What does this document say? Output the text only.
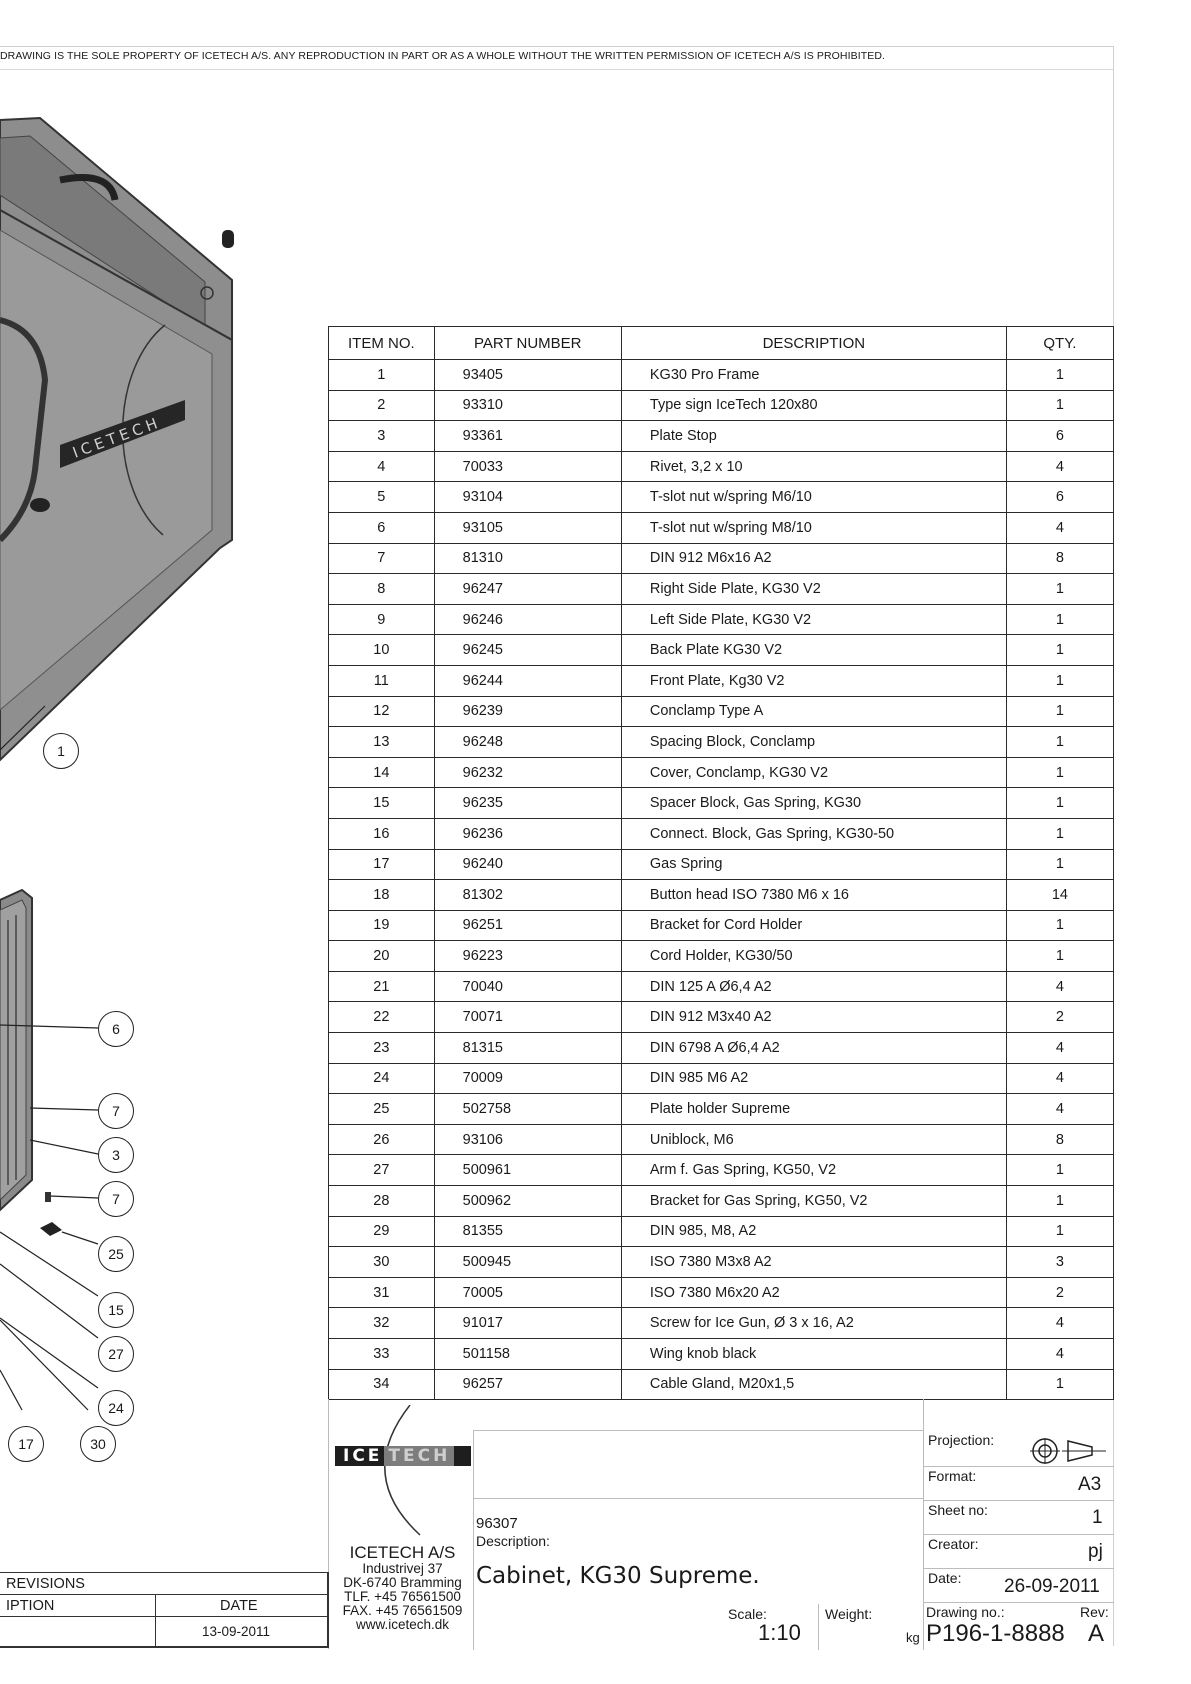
DRAWING IS THE SOLE PROPERTY OF ICETECH A/S. ANY REPRODUCTION IN PART OR AS A WHOLE WITHOUT THE WRITTEN PERMISSION OF ICETECH A/S IS PROHIBITED.
ICETECH
1
6
7
3
7
25
15
27
24
17	30
ITEM NO.	PART NUMBER	DESCRIPTION	QTY.
1	93405	KG30 Pro Frame	1
2	93310	Type sign IceTech 120x80	1
3	93361	Plate Stop	6
4	70033	Rivet, 3,2 x 10	4
5	93104	T-slot nut w/spring M6/10	6
6	93105	T-slot nut w/spring M8/10	4
7	81310	DIN 912 M6x16 A2	8
8	96247	Right Side Plate, KG30 V2	1
9	96246	Left Side Plate, KG30 V2	1
10	96245	Back Plate KG30 V2	1
11	96244	Front Plate, Kg30 V2	1
12	96239	Conclamp Type A	1
13	96248	Spacing Block, Conclamp	1
14	96232	Cover, Conclamp, KG30 V2	1
15	96235	Spacer Block, Gas Spring, KG30	1
16	96236	Connect. Block, Gas Spring, KG30-50	1
17	96240	Gas Spring	1
18	81302	Button head ISO 7380 M6 x 16	14
19	96251	Bracket for Cord Holder	1
20	96223	Cord Holder, KG30/50	1
21	70040	DIN 125 A Ø6,4 A2	4
22	70071	DIN 912 M3x40 A2	2
23	81315	DIN 6798 A Ø6,4 A2	4
24	70009	DIN 985 M6 A2	4
25	502758	Plate holder Supreme	4
26	93106	Uniblock, M6	8
27	500961	Arm f. Gas Spring, KG50, V2	1
28	500962	Bracket for Gas Spring, KG50, V2	1
29	81355	DIN 985, M8, A2	1
30	500945	ISO 7380 M3x8 A2	3
31	70005	ISO 7380 M6x20 A2	2
32	91017	Screw for Ice Gun, Ø 3 x 16, A2	4
33	501158	Wing knob black	4
34	96257	Cable Gland, M20x1,5	1
ICE TECH
ICETECH A/S
Industrivej 37
DK-6740 Bramming
TLF. +45 76561500
FAX. +45 76561509
www.icetech.dk
96307
Description:
Cabinet, KG30 Supreme.
Scale:
1:10
Weight:
kg
Projection:
Format:	A3
Sheet no:	1
Creator:	pj
Date: 26-09-2011
Drawing no.:
P196-1-8888
Rev:
A
REVISIONS
IPTION	DATE
13-09-2011
